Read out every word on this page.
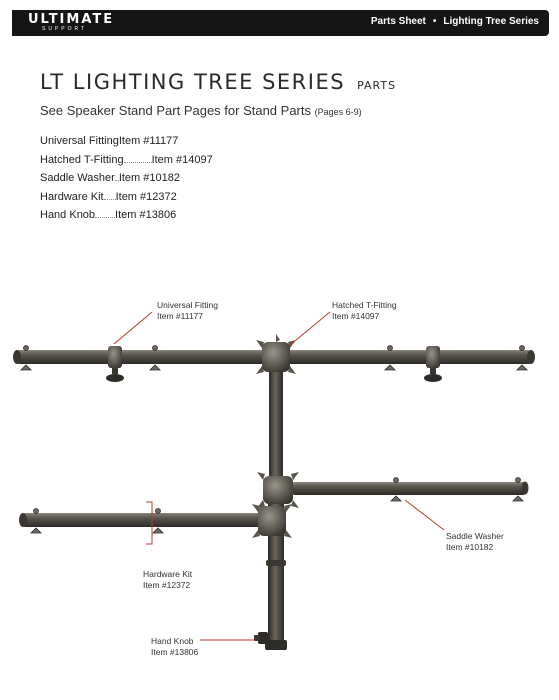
ULTIMATE
SUPPORT
Parts Sheet • Lighting Tree Series
LT LIGHTING TREE SERIES PARTS
See Speaker Stand Part Pages for Stand Parts (Pages 6-9)
Universal FittingItem #11177
Hatched T-Fitting	Item #14097
Saddle Washer Item #10182
Hardware Kit Item #12372
Hand Knob Item #13806
Universal Fitting
Item #11177
Hatched T-Fitting
Item #14097
Saddle Washer
Item #10182
Hardware Kit
Item #12372
Hand Knob
Item #13806
